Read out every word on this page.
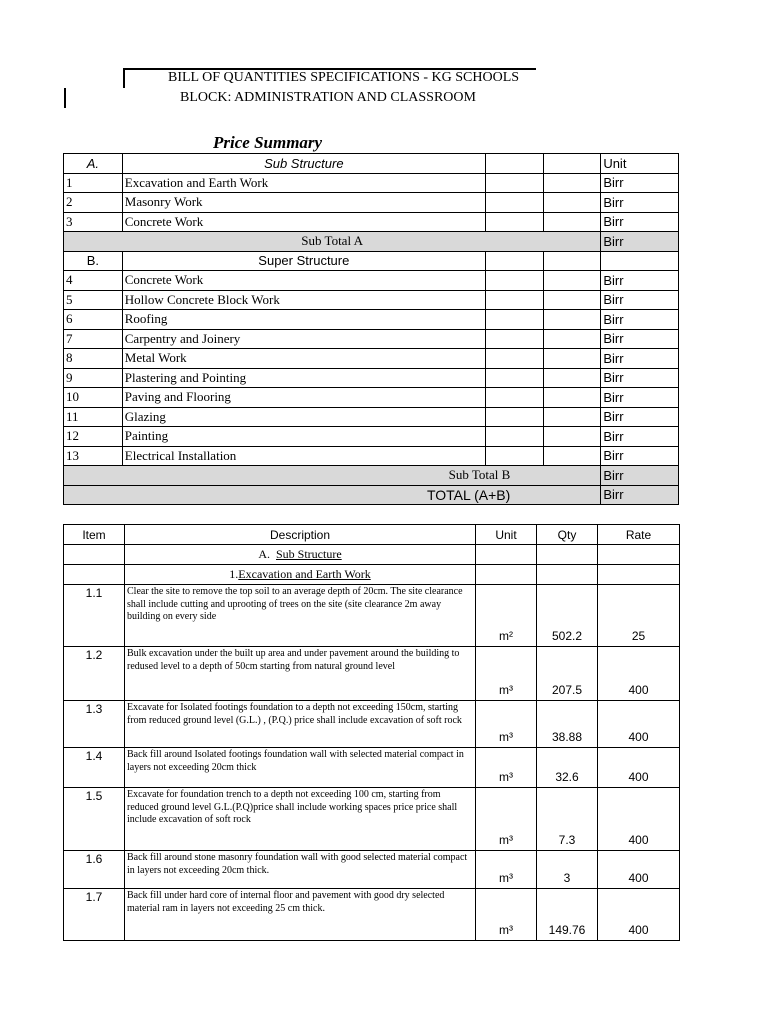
BILL OF QUANTITIES SPECIFICATIONS - KG SCHOOLS
BLOCK: ADMINISTRATION AND CLASSROOM
Price Summary
A.	Sub Structure			Unit
1	Excavation and Earth Work			Birr
2	Masonry Work			Birr
3	Concrete Work			Birr
Sub Total A				Birr
B.	Super Structure			
4	Concrete Work			Birr
5	Hollow Concrete Block Work			Birr
6	Roofing			Birr
7	Carpentry and Joinery			Birr
8	Metal Work			Birr
9	Plastering and Pointing			Birr
10	Paving and Flooring			Birr
11	Glazing			Birr
12	Painting			Birr
13	Electrical Installation			Birr
Sub Total B				Birr
TOTAL (A+B)				Birr
Item	Description	Unit	Qty	Rate
	A. Sub Structure			
	1.Excavation and Earth Work			
1.1	Clear the site to remove the top soil to an average depth of 20cm. The site clearance shall include cutting and uprooting of trees on the site (site clearance 2m away building on every side	m²	502.2	25
1.2	Bulk excavation under the built up area and under pavement around the building to redused level to a depth of 50cm starting from natural ground level	m³	207.5	400
1.3	Excavate for Isolated footings foundation to a depth not exceeding 150cm, starting from reduced ground level (G.L.) , (P.Q.) price shall include excavation of soft rock	m³	38.88	400
1.4	Back fill around Isolated footings foundation wall with selected material compact in layers not exceeding 20cm thick	m³	32.6	400
1.5	Excavate for foundation trench to a depth not exceeding 100 cm, starting from reduced ground level G.L.(P.Q)price shall include working spaces price price shall include excavation of soft rock	m³	7.3	400
1.6	Back fill around stone masonry foundation wall with good selected material compact in layers not exceeding 20cm thick.	m³	3	400
1.7	Back fill under hard core of internal floor and pavement with good dry selected material ram in layers not exceeding 25 cm thick.	m³	149.76	400
